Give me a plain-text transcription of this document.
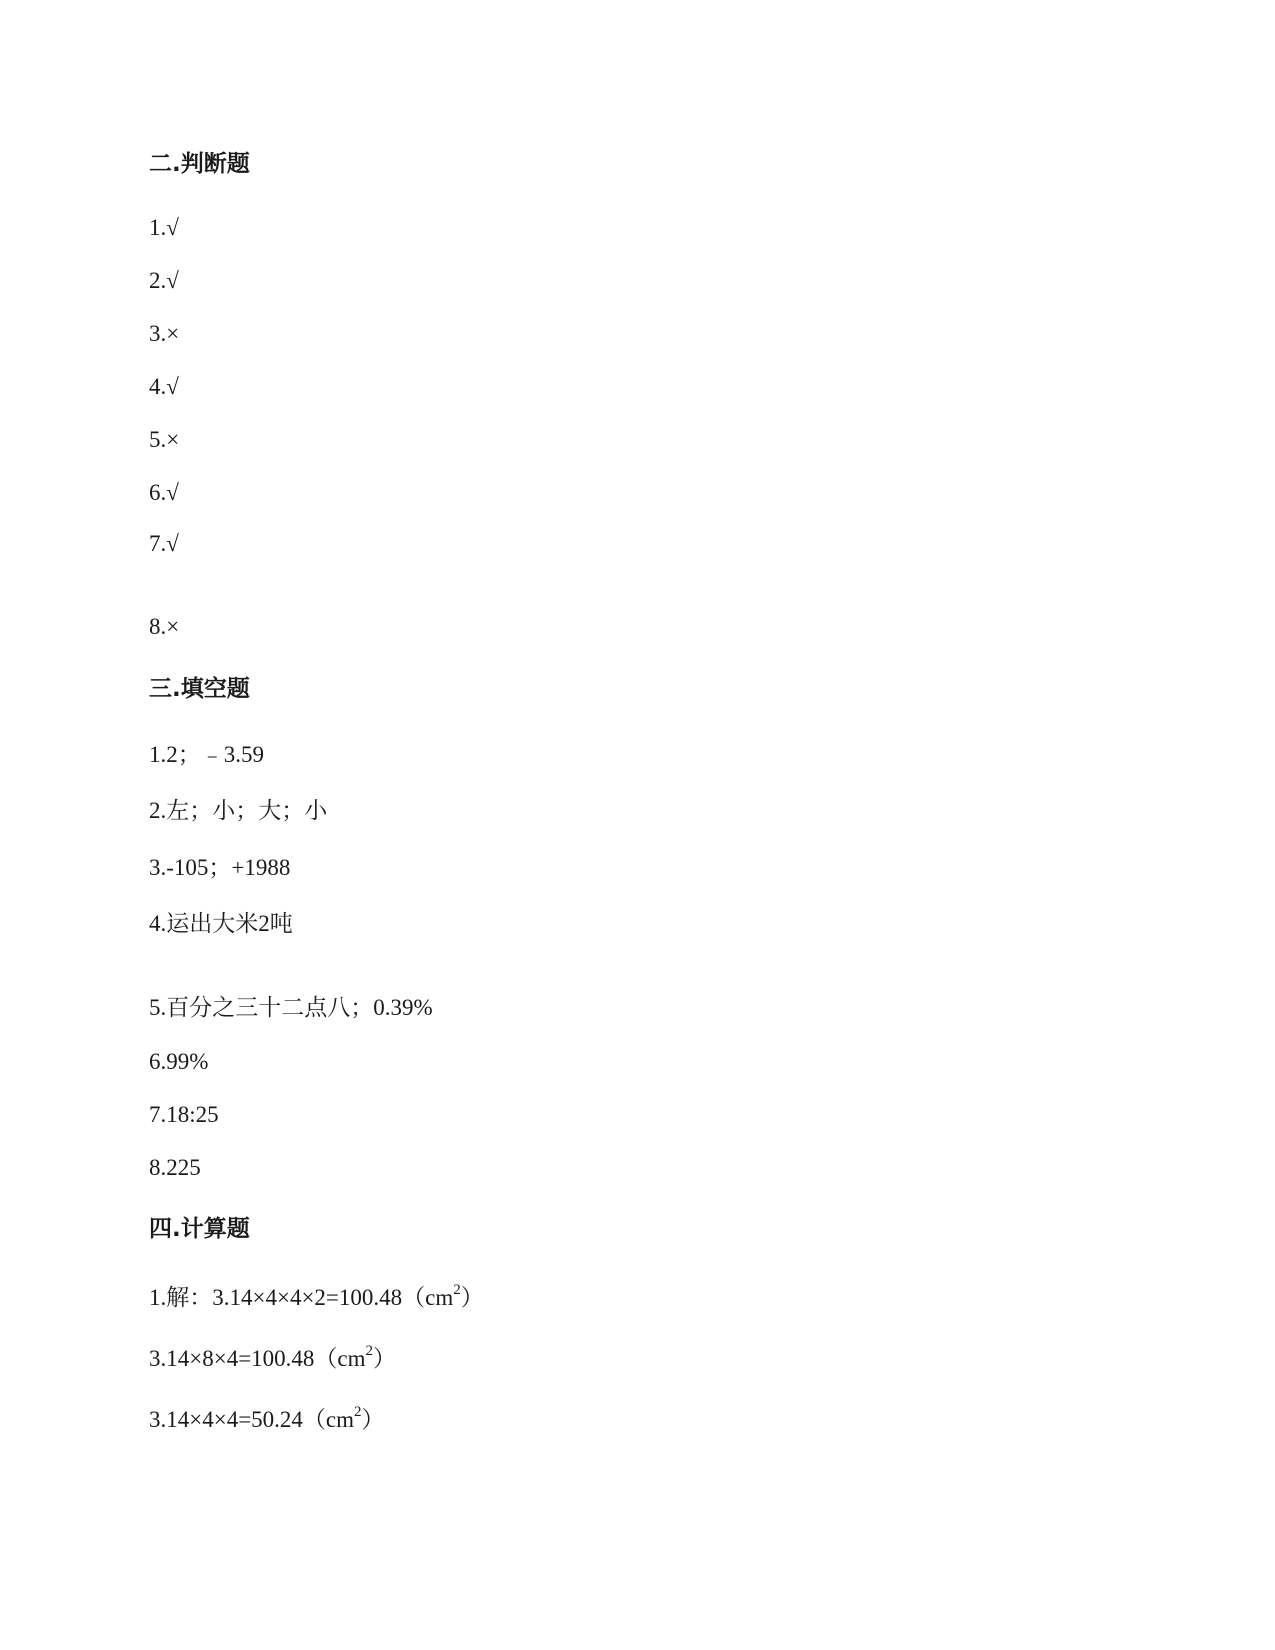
二.判断题
1.√
2.√
3.×
4.√
5.×
6.√
7.√
8.×
三.填空题
1.2；﹣3.59
2.左；小；大；小
3.-105；+1988
4.运出大米2吨
5.百分之三十二点八；0.39%
6.99%
7.18:25
8.225
四.计算题
1.解：$3.14\times 4\times 4\times 2=100.48(cm^2)$
$3.14\times 8\times 4=100.48(cm^2)$
$3.14\times 4\times 4=50.24(cm^2)$
